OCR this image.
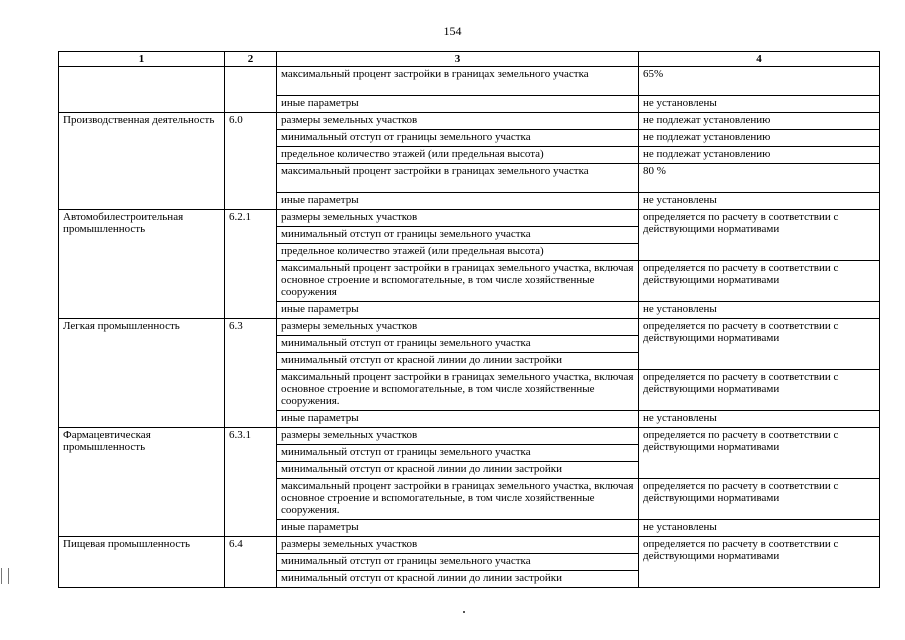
154
1	2	3	4
		максимальный процент застройки в границах земельного участка	65%
		иные параметры	не установлены
Производственная деятельность	6.0	размеры земельных участков	не подлежат установлению
		минимальный отступ от границы земельного участка	не подлежат установлению
		предельное количество этажей (или предельная высота)	не подлежат установлению
		максимальный процент застройки в границах земельного участка	80 %
		иные параметры	не установлены
Автомобилестроительная промышленность	6.2.1	размеры земельных участков	определяется по расчету в соответствии с действующими нормативами
		минимальный отступ от границы земельного участка	
		предельное количество этажей (или предельная высота)	
		максимальный процент застройки в границах земельного участка, включая основное строение и вспомогательные, в том числе хозяйственные сооружения	определяется по расчету в соответствии с действующими нормативами
		иные параметры	не установлены
Легкая промышленность	6.3	размеры земельных участков	определяется по расчету в соответствии с действующими нормативами
		минимальный отступ от границы земельного участка	
		минимальный отступ от красной линии до линии застройки	
		максимальный процент застройки в границах земельного участка, включая основное строение и вспомогательные, в том числе хозяйственные сооружения.	определяется по расчету в соответствии с действующими нормативами
		иные параметры	не установлены
Фармацевтическая промышленность	6.3.1	размеры земельных участков	определяется по расчету в соответствии с действующими нормативами
		минимальный отступ от границы земельного участка	
		минимальный отступ от красной линии до линии застройки	
		максимальный процент застройки в границах земельного участка, включая основное строение и вспомогательные, в том числе хозяйственные сооружения.	определяется по расчету в соответствии с действующими нормативами
		иные параметры	не установлены
Пищевая промышленность	6.4	размеры земельных участков	определяется по расчету в соответствии с действующими нормативами
		минимальный отступ от границы земельного участка	
		минимальный отступ от красной линии до линии застройки	
